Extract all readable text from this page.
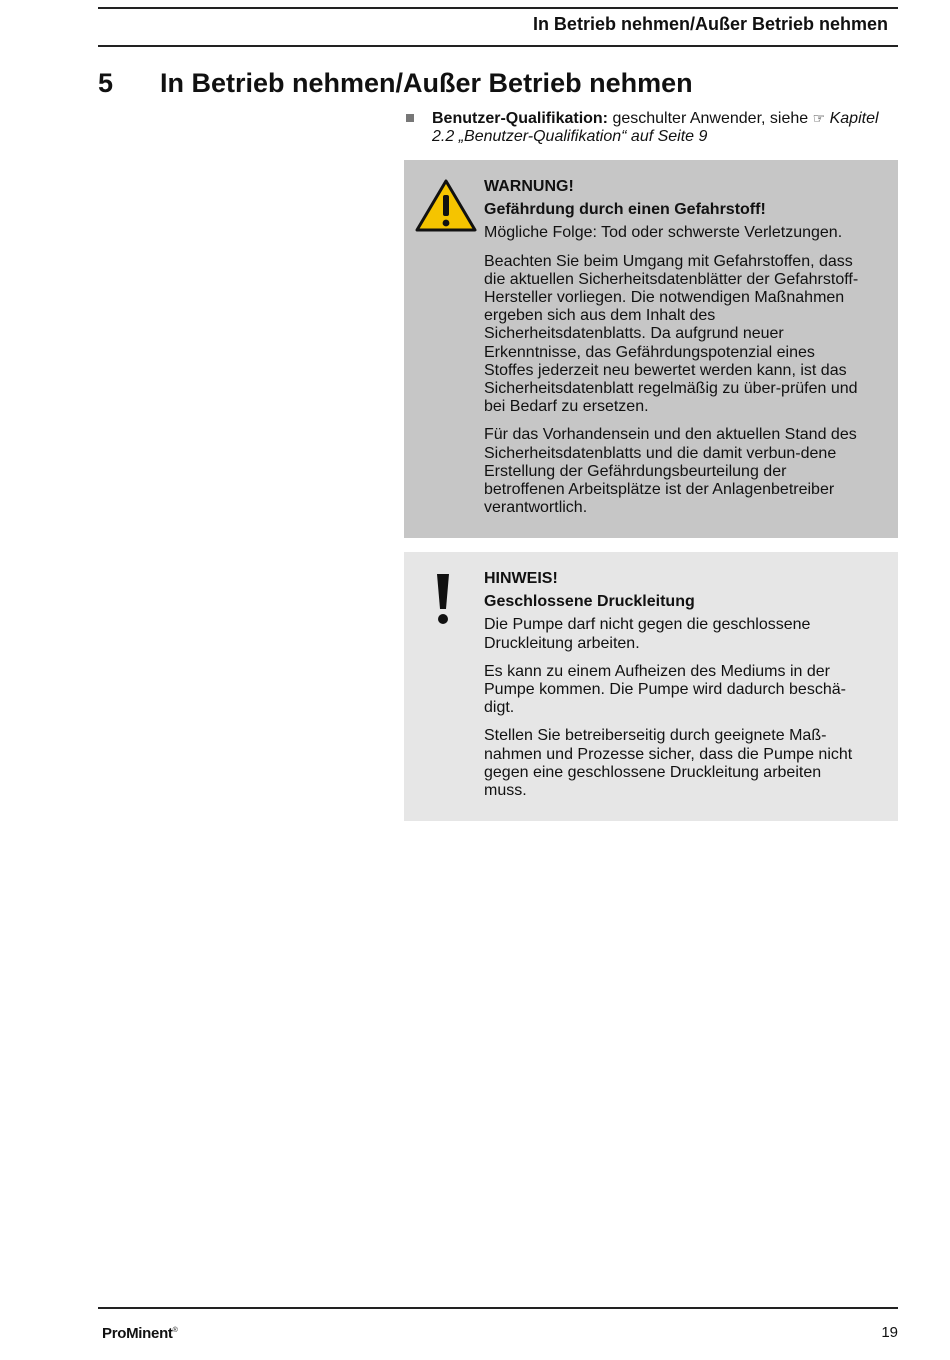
In Betrieb nehmen/Außer Betrieb nehmen
5	In Betrieb nehmen/Außer Betrieb nehmen
Benutzer-Qualifikation: geschulter Anwender, siehe ☞ Kapitel 2.2 „Benutzer-Qualifikation“ auf Seite 9
WARNUNG!
Gefährdung durch einen Gefahrstoff!

Mögliche Folge: Tod oder schwerste Verletzungen.

Beachten Sie beim Umgang mit Gefahrstoffen, dass die aktuellen Sicherheitsdatenblätter der Gefahrstoff-Hersteller vorliegen. Die notwendigen Maßnahmen ergeben sich aus dem Inhalt des Sicherheitsdatenblatts. Da aufgrund neuer Erkenntnisse, das Gefährdungspotenzial eines Stoffes jederzeit neu bewertet werden kann, ist das Sicherheitsdatenblatt regelmäßig zu über-prüfen und bei Bedarf zu ersetzen.

Für das Vorhandensein und den aktuellen Stand des Sicherheitsdatenblatts und die damit verbun-dene Erstellung der Gefährdungsbeurteilung der betroffenen Arbeitsplätze ist der Anlagenbetreiber verantwortlich.

HINWEIS!
Geschlossene Druckleitung

Die Pumpe darf nicht gegen die geschlossene Druckleitung arbeiten.

Es kann zu einem Aufheizen des Mediums in der Pumpe kommen. Die Pumpe wird dadurch beschä-digt.

Stellen Sie betreiberseitig durch geeignete Maß-nahmen und Prozesse sicher, dass die Pumpe nicht gegen eine geschlossene Druckleitung arbeiten muss.

ProMinent®	19
